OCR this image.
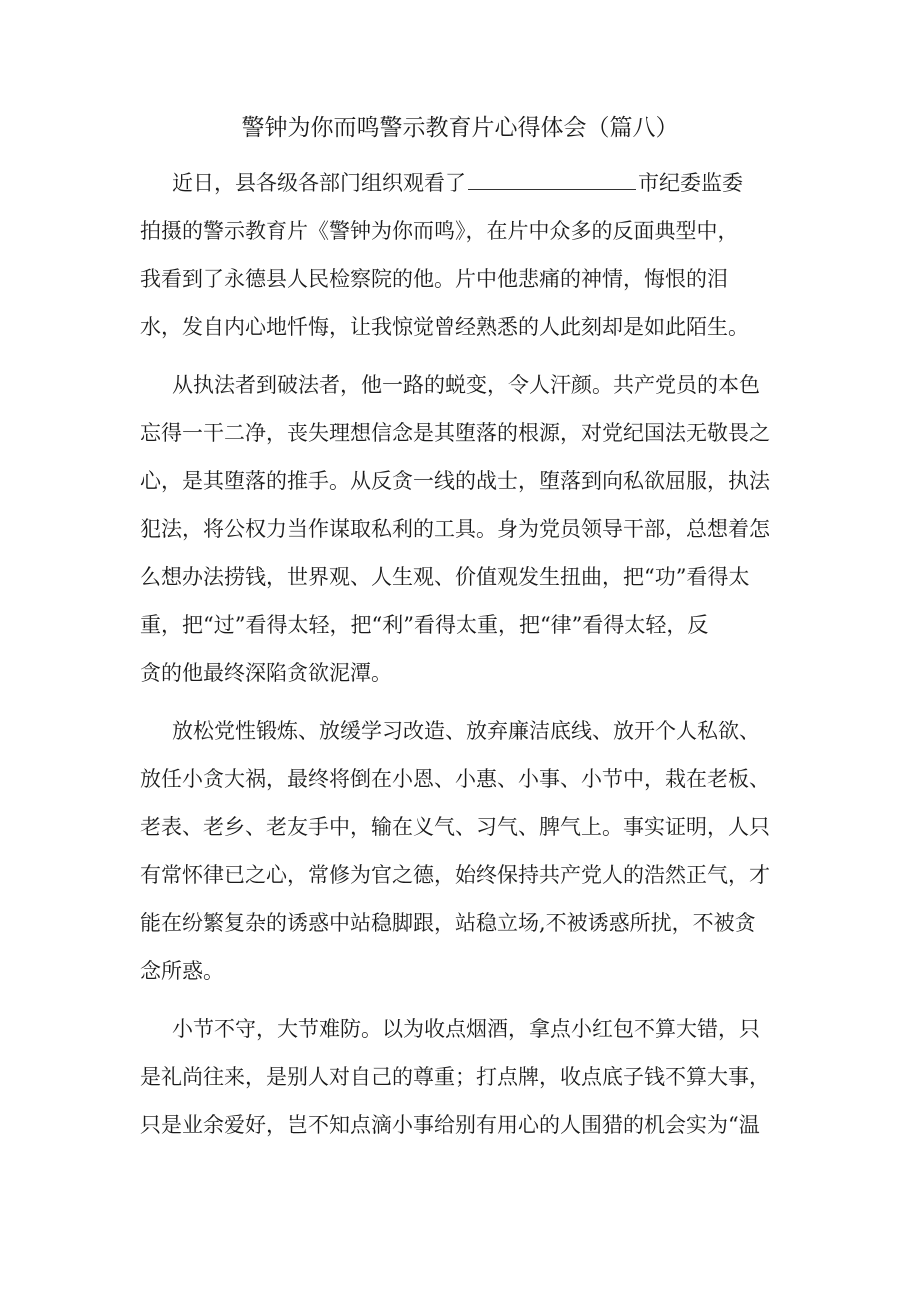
警钟为你而鸣警示教育片心得体会（篇八）
近日，县各级各部门组织观看了	市纪委监委
拍摄的警示教育片《警钟为你而鸣》，在片中众多的反面典型中，
我看到了永德县人民检察院的他。片中他悲痛的神情，悔恨的泪
水，发自内心地忏悔，让我惊觉曾经熟悉的人此刻却是如此陌生。
从执法者到破法者，他一路的蜕变，令人汗颜。共产党员的本色
忘得一干二净，丧失理想信念是其堕落的根源，对党纪国法无敬畏之
心，是其堕落的推手。从反贪一线的战士，堕落到向私欲屈服，执法
犯法，将公权力当作谋取私利的工具。身为党员领导干部，总想着怎
么想办法捞钱，世界观、人生观、价值观发生扭曲，把“功”看得太
重，把“过”看得太轻，把“利”看得太重，把“律”看得太轻，反
贪的他最终深陷贪欲泥潭。
放松党性锻炼、放缓学习改造、放弃廉洁底线、放开个人私欲、
放任小贪大祸，最终将倒在小恩、小惠、小事、小节中，栽在老板、
老表、老乡、老友手中，输在义气、习气、脾气上。事实证明，人只
有常怀律已之心，常修为官之德，始终保持共产党人的浩然正气，才
能在纷繁复杂的诱惑中站稳脚跟，站稳立场,不被诱惑所扰，不被贪
念所惑。
小节不守，大节难防。以为收点烟酒，拿点小红包不算大错，只
是礼尚往来，是别人对自己的尊重；打点牌，收点底子钱不算大事，
只是业余爱好，岂不知点滴小事给别有用心的人围猎的机会实为“温
